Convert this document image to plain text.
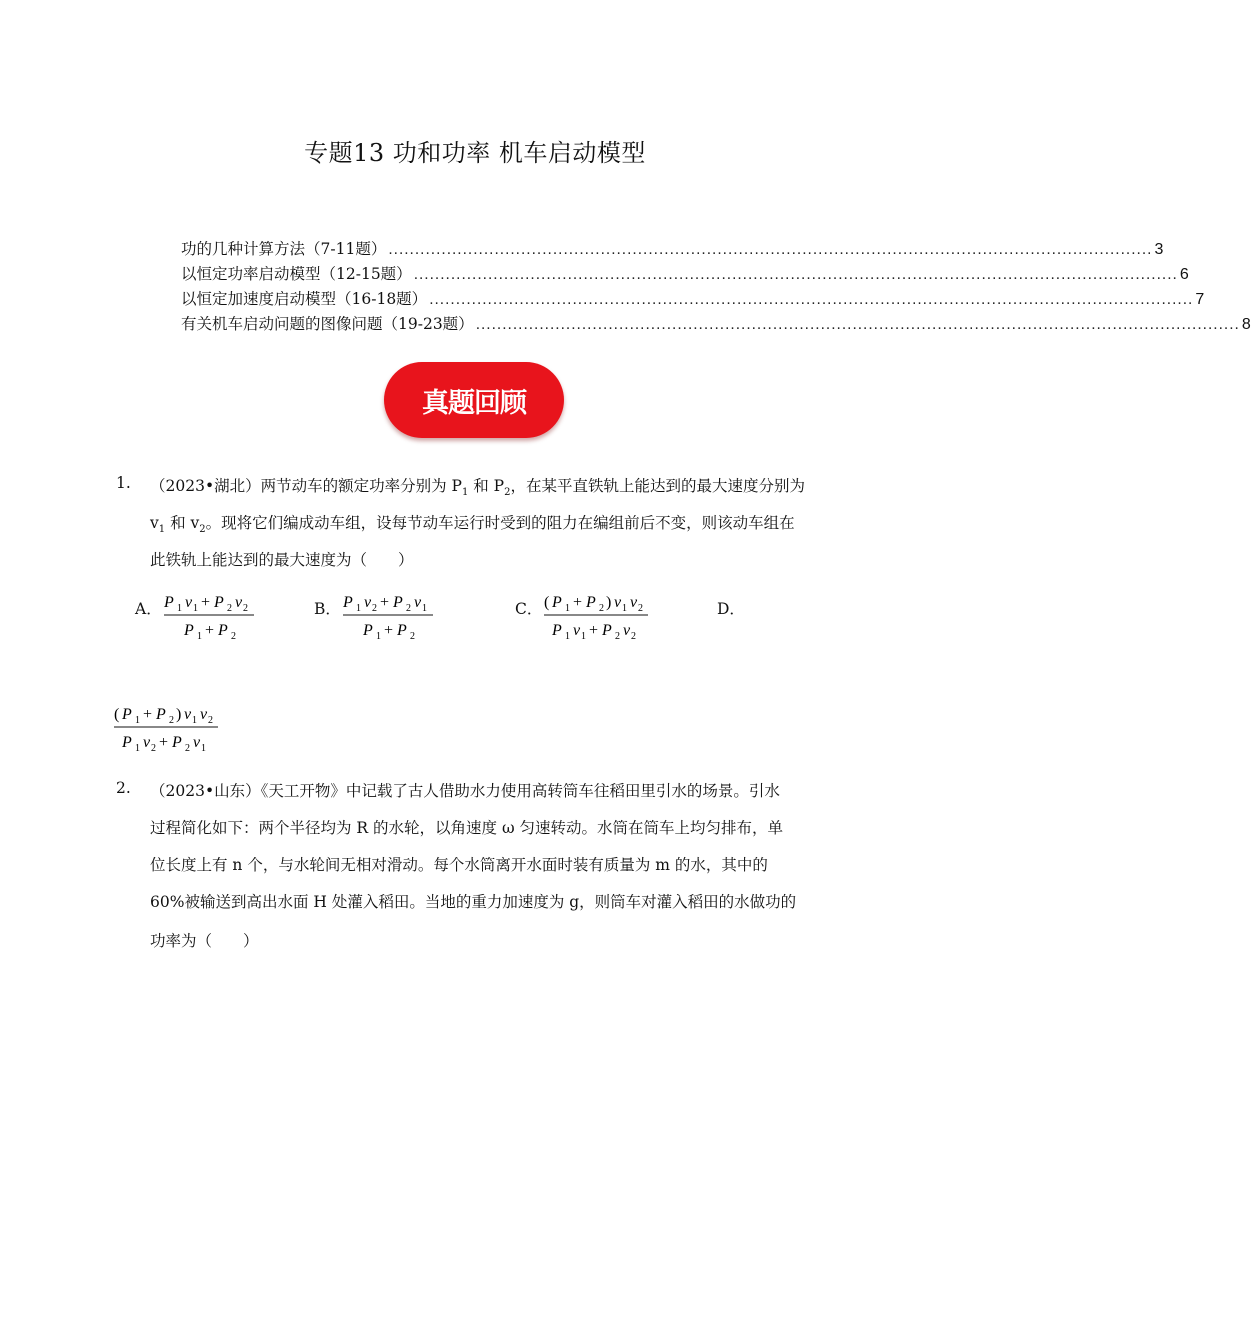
专题13 功和功率 机车启动模型
功的几种计算方法（7-11题） ................................................................................................................................................ 3
以恒定功率启动模型（12-15题） ................................................................................................................................................ 6
以恒定加速度启动模型（16-18题） ................................................................................................................................................ 7
有关机车启动问题的图像问题（19-23题） ................................................................................................................................................ 8
真题回顾
1. （2023•湖北）两节动车的额定功率分别为 $P_1$ 和 $P_2$，在某平直铁轨上能达到的最大速度分别为
$v_1$ 和 $v_2$。现将它们编成动车组，设每节动车运行时受到的阻力在编组前后不变，则该动车组在
此铁轨上能达到的最大速度为（　　）
A． P 1 v 1 + P 2 v 2
P 1 + P 2
B． P 1 v 2 + P 2 v 1
P 1 + P 2
C． ( P 1 + P 2 ) v 1 v 2
P 1 v 1 + P 2 v 2
D．
( P 1 + P 2 ) v 1 v 2
P 1 v 2 + P 2 v 1
2. （2023•山东）《天工开物》中记载了古人借助水力使用高转筒车往稻田里引水的场景。引水
过程简化如下：两个半径均为 R 的水轮，以角速度 ω 匀速转动。水筒在筒车上均匀排布，单
位长度上有 n 个，与水轮间无相对滑动。每个水筒离开水面时装有质量为 m 的水，其中的
60%被输送到高出水面 H 处灌入稻田。当地的重力加速度为 g，则筒车对灌入稻田的水做功的
功率为（　　）
